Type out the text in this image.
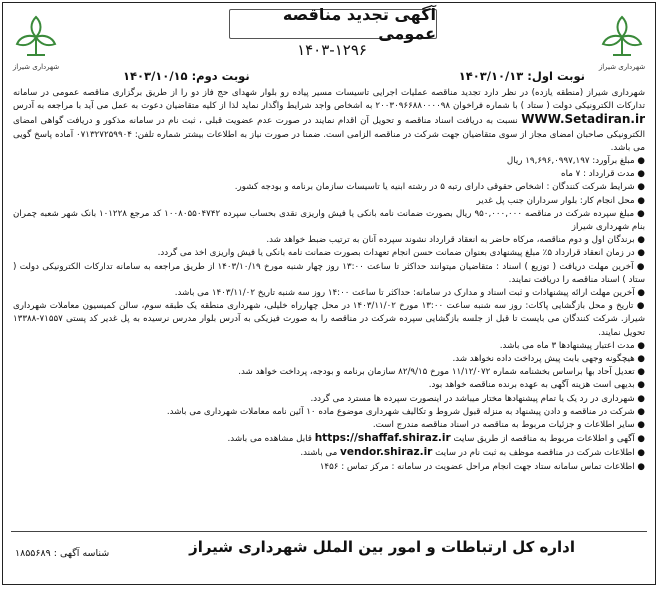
شهرداری شیراز
شهرداری شیراز
آگهی تجدید مناقصه عمومی
۱۴۰۳-۱۲۹۶
نوبت اول: ۱۴۰۳/۱۰/۱۳
نوبت دوم: ۱۴۰۳/۱۰/۱۵

شهرداری شیراز (منطقه یازده) در نظر دارد تجدید مناقصه عملیات اجرایی تاسیسات مسیر پیاده رو بلوار شهدای حج فاز دو را از طریق برگزاری مناقصه عمومی در سامانه تدارکات الکترونیکی دولت ( ستاد ) با شماره فراخوان ۲۰۰۳۰۹۶۶۸۸۰۰۰۰۹۸ به اشخاص واجد شرایط واگذار نماید لذا از کلیه متقاضیان دعوت به عمل می آید با مراجعه به آدرس WWW.Setadiran.ir نسبت به دریافت اسناد مناقصه و تحویل آن اقدام نمایند در صورت عدم عضویت قبلی ، ثبت نام در سامانه مذکور و دریافت گواهی امضای الکترونیکی صاحبان امضای مجاز از سوی متقاضیان جهت شرکت در مناقصه الزامی است. ضمنا در صورت نیاز به اطلاعات بیشتر شماره تلفن: ۰۷۱۳۲۷۲۵۹۹۰۴ آماده پاسخ گویی می باشد.

● مبلغ برآورد: ۱۹,۶۹۶,۰۹۹۷,۱۹۷ ریال

● مدت قرارداد : ۷ ماه

● شرایط شرکت کنندگان : اشخاص حقوقی دارای رتبه ۵ در رشته ابنیه یا تاسیسات سازمان برنامه و بودجه کشور.

● محل انجام کار: بلوار سرداران جنب پل غدیر

● مبلغ سپرده شرکت در مناقصه ۹۵۰,۰۰۰,۰۰۰ ریال بصورت ضمانت نامه بانکی یا فیش واریزی نقدی بحساب سپرده ۱۰۰۸۰۵۵۰۴۷۴۲ کد مرجع ۱۰۱۲۲۸ بانک شهر شعبه چمران بنام شهرداری شیراز

● برندگان اول و دوم مناقصه، مرکاه حاضر به انعقاد قرارداد نشوند سپرده آنان به ترتیب ضبط خواهد شد.

● در زمان انعقاد قرارداد ۵٪ مبلغ پیشنهادی بعنوان ضمانت حسن انجام تعهدات بصورت ضمانت نامه بانکی یا فیش واریزی اخذ می گردد.

● آخرین مهلت دریافت ( توزیع ) اسناد : متقاضیان میتوانند حداکثر تا ساعت ۱۳:۰۰ روز چهار شنبه مورخ ۱۴۰۳/۱۰/۱۹ از طریق مراجعه به سامانه تدارکات الکترونیکی دولت ( ستاد ) اسناد مناقصه را دریافت نمایند.

● آخرین مهلت ارائه پیشنهادات و ثبت اسناد و مدارک در سامانه: حداکثر تا ساعت ۱۴:۰۰ روز سه شنبه تاریخ ۱۴۰۳/۱۱/۰۲ می باشد.

● تاریخ و محل بازگشایی پاکات: روز سه شنبه ساعت ۱۳:۰۰ مورخ ۱۴۰۳/۱۱/۰۲ در محل چهارراه خلیلی، شهرداری منطقه یک طبقه سوم، سالن کمیسیون معاملات شهرداری شیراز. شرکت کنندگان می بایست تا قبل از جلسه بازگشایی سپرده شرکت در مناقصه را به صورت فیزیکی به آدرس بلوار مدرس نرسیده به پل غدیر کد پستی ۷۱۵۵۷-۱۳۳۸۸ تحویل نمایند.

● مدت اعتبار پیشنهادها ۳ ماه می باشد.

● هیچگونه وجهی بابت پیش پرداخت داده نخواهد شد.

● تعدیل آحاد بها براساس بخشنامه شماره ۱۱/۱۲/۰۷۲ مورخ ۸۲/۹/۱۵ سازمان برنامه و بودجه، پرداخت خواهد شد.

● بدیهی است هزینه آگهی به عهده برنده مناقصه خواهد بود.

● شهرداری در رد یک یا تمام پیشنهادها مختار میباشد در اینصورت سپرده ها مسترد می گردد.

● شرکت در مناقصه و دادن پیشنهاد به منزله قبول شروط و تکالیف شهرداری موضوع ماده ۱۰ آئین نامه معاملات شهرداری می باشد.

● سایر اطلاعات و جزئیات مربوط به مناقصه در اسناد مناقصه مندرج است.

● آگهی و اطلاعات مربوط به مناقصه از طریق سایت https://shaffaf.shiraz.ir قابل مشاهده می باشد.

● اطلاعات شرکت در مناقصه موظف به ثبت نام در سایت vendor.shiraz.ir می باشند.

● اطلاعات تماس سامانه ستاد جهت انجام مراحل عضویت در سامانه : مرکز تماس : ۱۴۵۶

اداره کل ارتباطات و امور بین الملل شهرداری شیراز
شناسه آگهی : ۱۸۵۵۶۸۹
